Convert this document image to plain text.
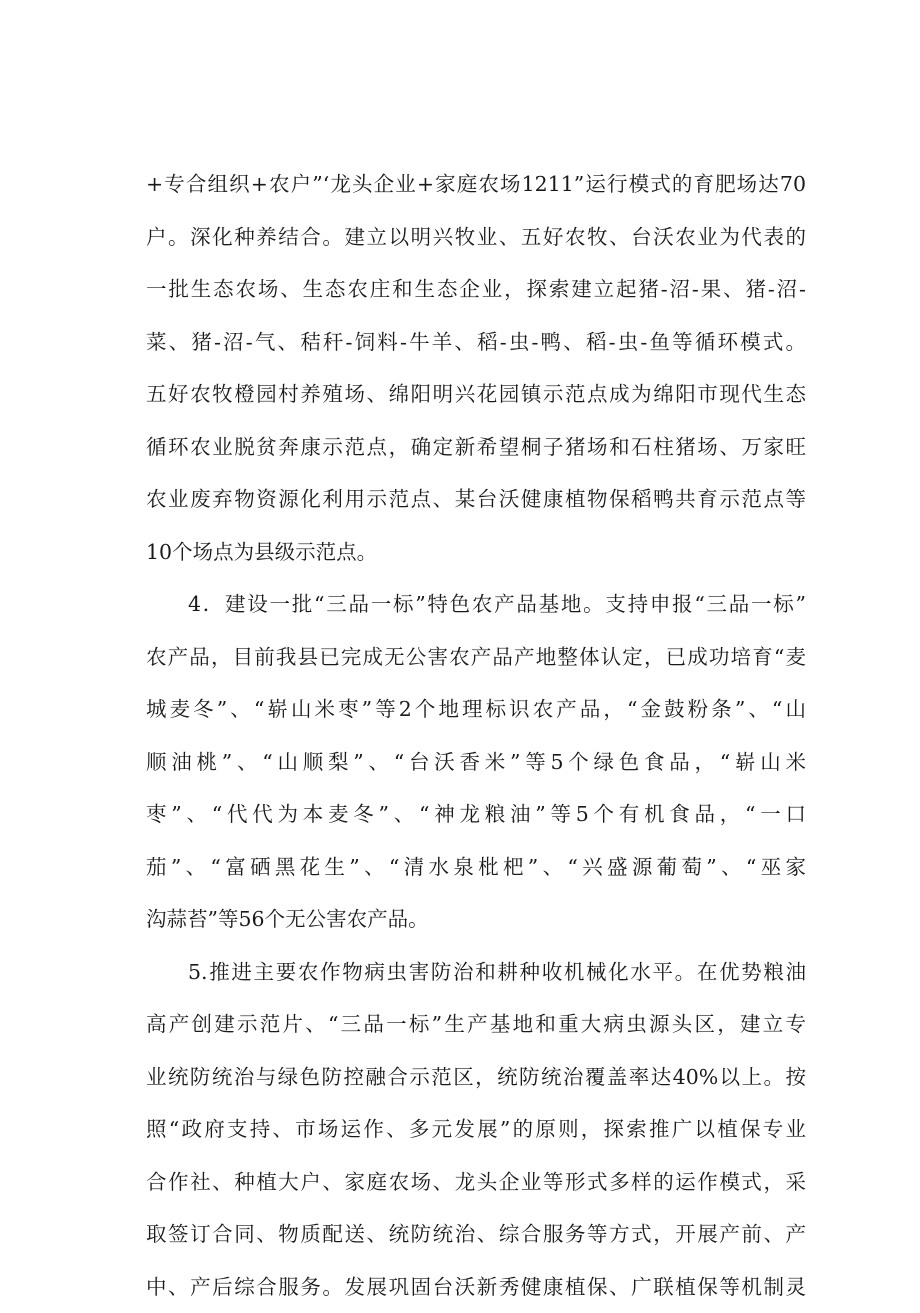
+专合组织+农户”‘龙头企业+家庭农场1211”运行模式的育肥场达70
户。深化种养结合。建立以明兴牧业、五好农牧、台沃农业为代表的
一批生态农场、生态农庄和生态企业，探索建立起猪-沼-果、猪-沼-
菜、猪-沼-气、秸秆-饲料-牛羊、稻-虫-鸭、稻-虫-鱼等循环模式。
五好农牧橙园村养殖场、绵阳明兴花园镇示范点成为绵阳市现代生态
循环农业脱贫奔康示范点，确定新希望桐子猪场和石柱猪场、万家旺
农业废弃物资源化利用示范点、某台沃健康植物保稻鸭共育示范点等
10个场点为县级示范点。
4．建设一批“三品一标”特色农产品基地。支持申报“三品一标”
农产品，目前我县已完成无公害农产品产地整体认定，已成功培育“麦
城麦冬”、“崭山米枣”等2个地理标识农产品，“金鼓粉条”、“山
顺油桃”、“山顺梨”、“台沃香米”等5个绿色食品，“崭山米
枣”、“代代为本麦冬”、“神龙粮油”等5个有机食品，“一口
茄”、“富硒黑花生”、“清水泉枇杷”、“兴盛源葡萄”、“巫家
沟蒜苔”等56个无公害农产品。
5.推进主要农作物病虫害防治和耕种收机械化水平。在优势粮油
高产创建示范片、“三品一标”生产基地和重大病虫源头区，建立专
业统防统治与绿色防控融合示范区，统防统治覆盖率达40%以上。按
照“政府支持、市场运作、多元发展”的原则，探索推广以植保专业
合作社、种植大户、家庭农场、龙头企业等形式多样的运作模式，采
取签订合同、物质配送、统防统治、综合服务等方式，开展产前、产
中、产后综合服务。发展巩固台沃新秀健康植保、广联植保等机制灵
